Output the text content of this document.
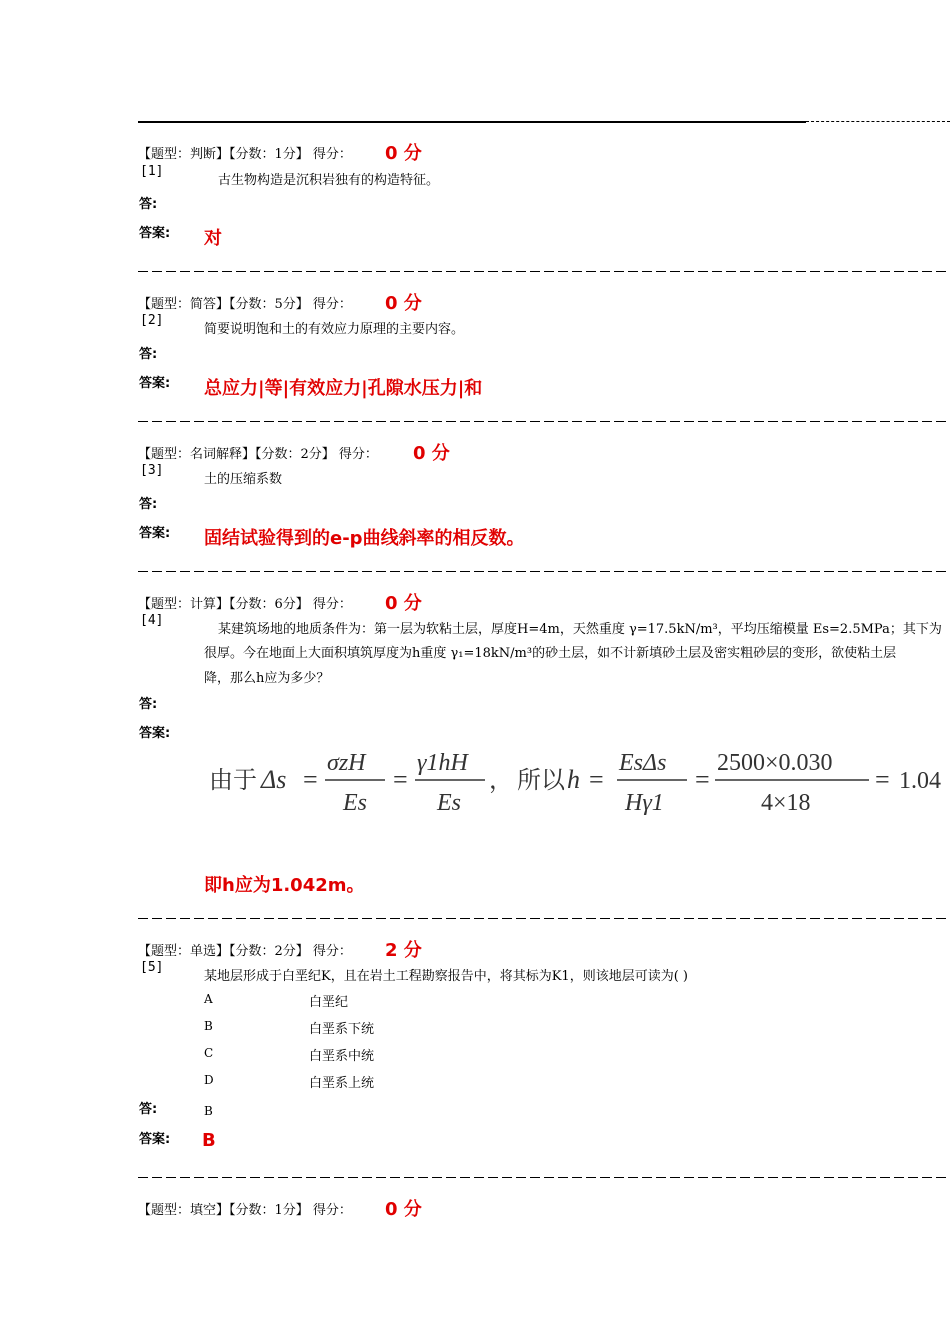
【题型：判断】【分数：1分】 得分： 0 分
[1]
古生物构造是沉积岩独有的构造特征。
答:
答案: 对
【题型：简答】【分数：5分】 得分： 0 分
[2]
简要说明饱和土的有效应力原理的主要内容。
答:
答案: 总应力|等|有效应力|孔隙水压力|和
【题型：名词解释】【分数：2分】 得分： 0 分
[3]
土的压缩系数
答:
答案: 固结试验得到的e-p曲线斜率的相反数。
【题型：计算】【分数：6分】 得分： 0 分
[4]
某建筑场地的地质条件为：第一层为软粘土层，厚度H=4m，天然重度 γ=17.5kN/m³，平均压缩模量 Es=2.5MPa；其下为
很厚。今在地面上大面积填筑厚度为h重度 γ₁=18kN/m³的砂土层，如不计新填砂土层及密实粗砂层的变形，欲使粘土层
降，那么h应为多少？
答:
答案:
由于 Δs =
σzH
Es
=
γ1hH
Es
， 所以 h =
EsΔs
Hγ1
=
2500×0.030
4×18
= 1.04
即h应为1.042m。
【题型：单选】【分数：2分】 得分： 2 分
[5]
某地层形成于白垩纪K，且在岩土工程勘察报告中，将其标为K1，则该地层可读为( )
A	白垩纪
B	白垩系下统
C	白垩系中统
D	白垩系上统
答:	B
答案: B
【题型：填空】【分数：1分】 得分： 0 分
